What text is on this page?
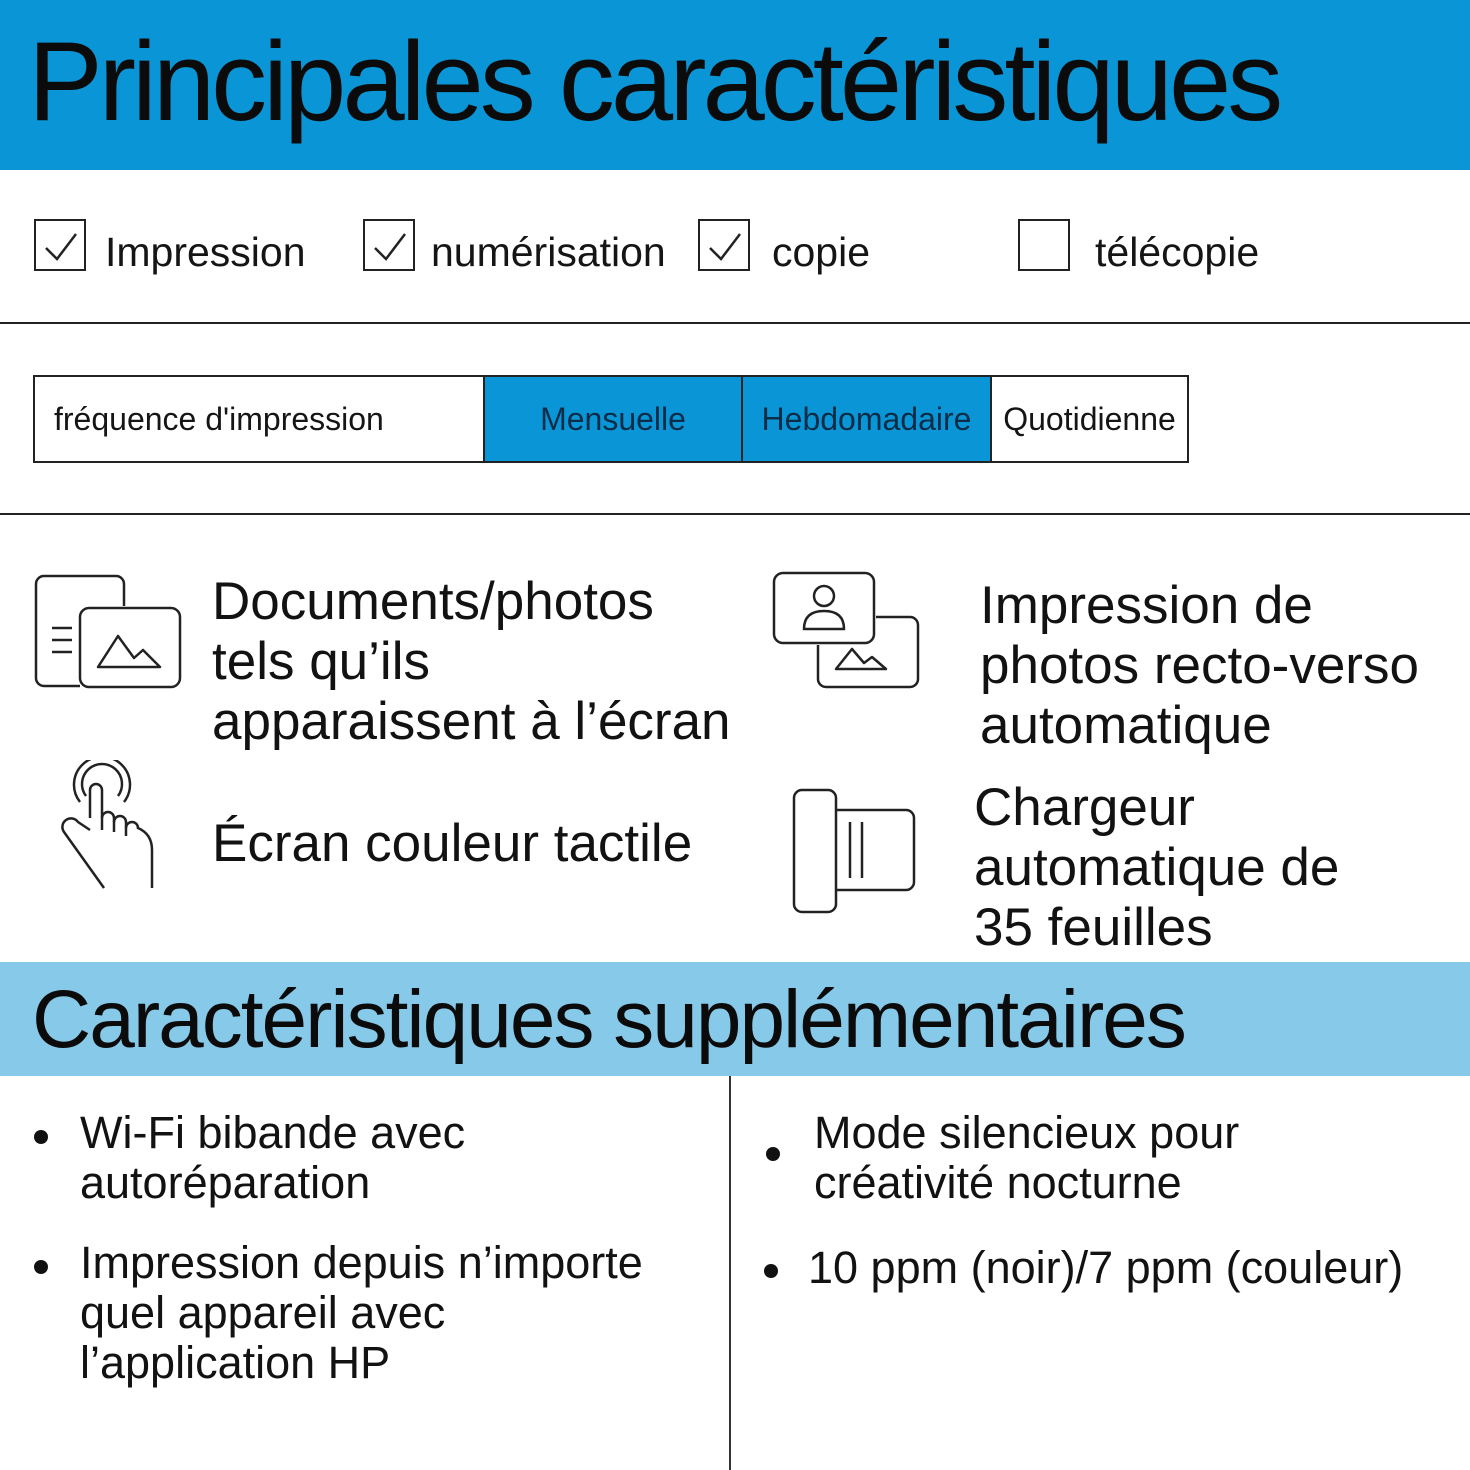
Principales caractéristiques
Impression	numérisation	copie	télécopie
fréquence d'impression	Mensuelle	Hebdomadaire Quotidienne

Documents/photos
tels qu’ils
apparaissent à l’écran

Impression de
photos recto-verso
automatique

Écran couleur tactile

Chargeur
automatique de
35 feuilles

Caractéristiques supplémentaires

Wi-Fi bibande avec
autoréparation

Impression depuis n’importe
quel appareil avec
l’application HP

Mode silencieux pour
créativité nocturne

10 ppm (noir)/7 ppm (couleur)
